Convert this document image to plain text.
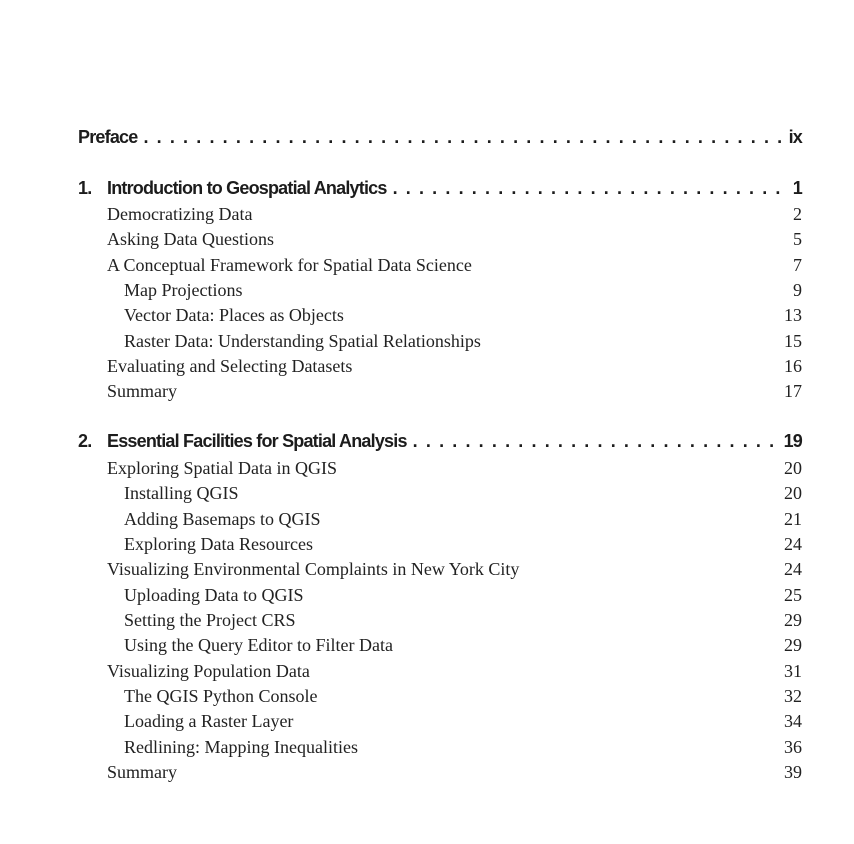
Preface . . .	ix
1. Introduction to Geospatial Analytics . . .	1
Democratizing Data	2
Asking Data Questions	5
A Conceptual Framework for Spatial Data Science	7
Map Projections	9
Vector Data: Places as Objects	13
Raster Data: Understanding Spatial Relationships	15
Evaluating and Selecting Datasets	16
Summary	17
2. Essential Facilities for Spatial Analysis . . .	19
Exploring Spatial Data in QGIS	20
Installing QGIS	20
Adding Basemaps to QGIS	21
Exploring Data Resources	24
Visualizing Environmental Complaints in New York City	24
Uploading Data to QGIS	25
Setting the Project CRS	29
Using the Query Editor to Filter Data	29
Visualizing Population Data	31
The QGIS Python Console	32
Loading a Raster Layer	34
Redlining: Mapping Inequalities	36
Summary	39
